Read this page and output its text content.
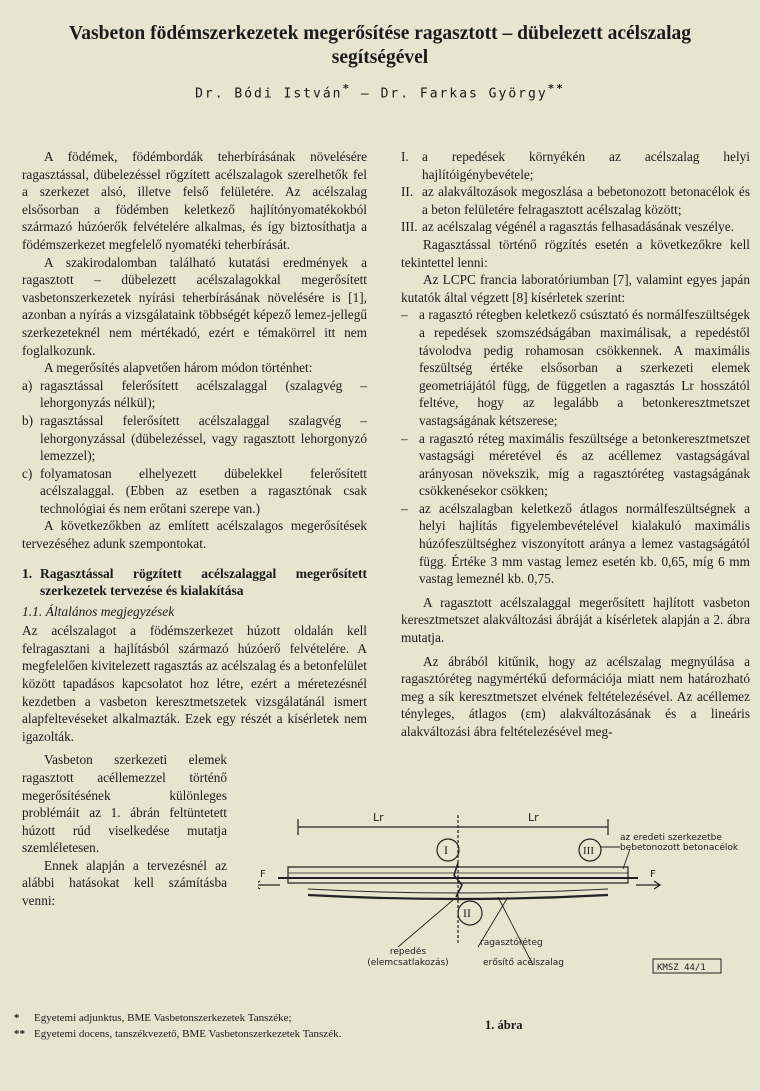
Vasbeton födémszerkezetek megerősítése ragasztott – dübelezett acélszalag segítségével
Dr. Bódi István* – Dr. Farkas György**

A födémek, födémbordák teherbírásának növelésére ragasztással, dübelezéssel rögzített acélszalagok szerelhetők fel a szerkezet alsó, illetve felső felületére. Az acélszalag elsősorban a födémben keletkező hajlítónyomatékokból származó húzóerők felvételére alkalmas, és így biztosíthatja a födémszerkezet megfelelő nyomatéki teherbírását.

A szakirodalomban található kutatási eredmények a ragasztott – dübelezett acélszalagokkal megerősített vasbetonszerkezetek nyírási teherbírásának növelésére is [1], azonban a nyírás a vizsgálataink többségét képező lemez-jellegű szerkezeteknél nem mértékadó, ezért e témakörrel itt nem foglalkozunk.

A megerősítés alapvetően három módon történhet:

a) ragasztással felerősített acélszalaggal (szalagvég – lehorgonyzás nélkül);
b) ragasztással felerősített acélszalaggal szalagvég – lehorgonyzással (dübelezéssel, vagy ragasztott lehorgonyzó lemezzel);
c) folyamatosan elhelyezett dübelekkel felerősített acélszalaggal. (Ebben az esetben a ragasztónak csak technológiai és nem erőtani szerepe van.)

A következőkben az említett acélszalagos megerősítések tervezéséhez adunk szempontokat.

1. Ragasztással rögzített acélszalaggal megerősített szerkezetek tervezése és kialakítása
1.1. Általános megjegyzések

Az acélszalagot a födémszerkezet húzott oldalán kell felragasztani a hajlításból származó húzóerő felvételére. A megfelelően kivitelezett ragasztás az acélszalag és a betonfelület között tapadásos kapcsolatot hoz létre, ezért a méretezésnél kezdetben a vasbeton keresztmetszetek vizsgálatánál ismert alapfeltevéseket alkalmazták. Ezek egy részét a kísérletek nem igazolták.

Vasbeton szerkezeti elemek ragasztott acéllemezzel történő megerősítésének különleges problémáit az 1. ábrán feltüntetett húzott rúd viselkedése mutatja szemléletesen.

Ennek alapján a tervezésnél az alábbi hatásokat kell számításba venni:

I. a repedések környékén az acélszalag helyi hajlítóigénybevétele;
II. az alakváltozások megoszlása a bebetonozott betonacélok és a beton felületére felragasztott acélszalag között;
III. az acélszalag végénél a ragasztás felhasadásának veszélye.

Ragasztással történő rögzítés esetén a következőkre kell tekintettel lenni:

Az LCPC francia laboratóriumban [7], valamint egyes japán kutatók által végzett [8] kísérletek szerint:

– a ragasztó rétegben keletkező csúsztató és normálfeszültségek a repedések szomszédságában maximálisak, a repedéstől távolodva pedig rohamosan csökkennek. A maximális feszültség értéke elsősorban a szerkezeti elemek geometriájától függ, de független a ragasztás Lr hosszától feltéve, hogy az legalább a betonkeresztmetszet vastagságának kétszerese;
– a ragasztó réteg maximális feszültsége a betonkeresztmetszet vastagsági méretével és az acéllemez vastagságával arányosan növekszik, míg a ragasztóréteg vastagságának csökkenésekor csökken;
– az acélszalagban keletkező átlagos normálfeszültségnek a helyi hajlítás figyelembevételével kialakuló maximális húzófeszültséghez viszonyított aránya a lemez vastagságától függ. Értéke 3 mm vastag lemez esetén kb. 0,65, míg 6 mm vastag lemeznél kb. 0,75.

A ragasztott acélszalaggal megerősített hajlított vasbeton keresztmetszet alakváltozási ábráját a kísérletek alapján a 2. ábra mutatja.

Az ábrából kitűnik, hogy az acélszalag megnyúlása a ragasztóréteg nagymértékű deformációja miatt nem határozható meg a sík keresztmetszet elvének feltételezésével. Az acéllemez tényleges, átlagos (εm) alakváltozásának és a lineáris alakváltozási ábra feltételezésével meg-

Lr	Lr
I
II
III
F	F
az eredeti szerkezetbe bebetonozott betonacélok
repedés (elemcsatlakozás)
ragasztóréteg
erősítő acélszalag	KMSZ 44/1
1. ábra
*	Egyetemi adjunktus, BME Vasbetonszerkezetek Tanszéke;
** Egyetemi docens, tanszékvezető, BME Vasbetonszerkezetek Tanszék.
